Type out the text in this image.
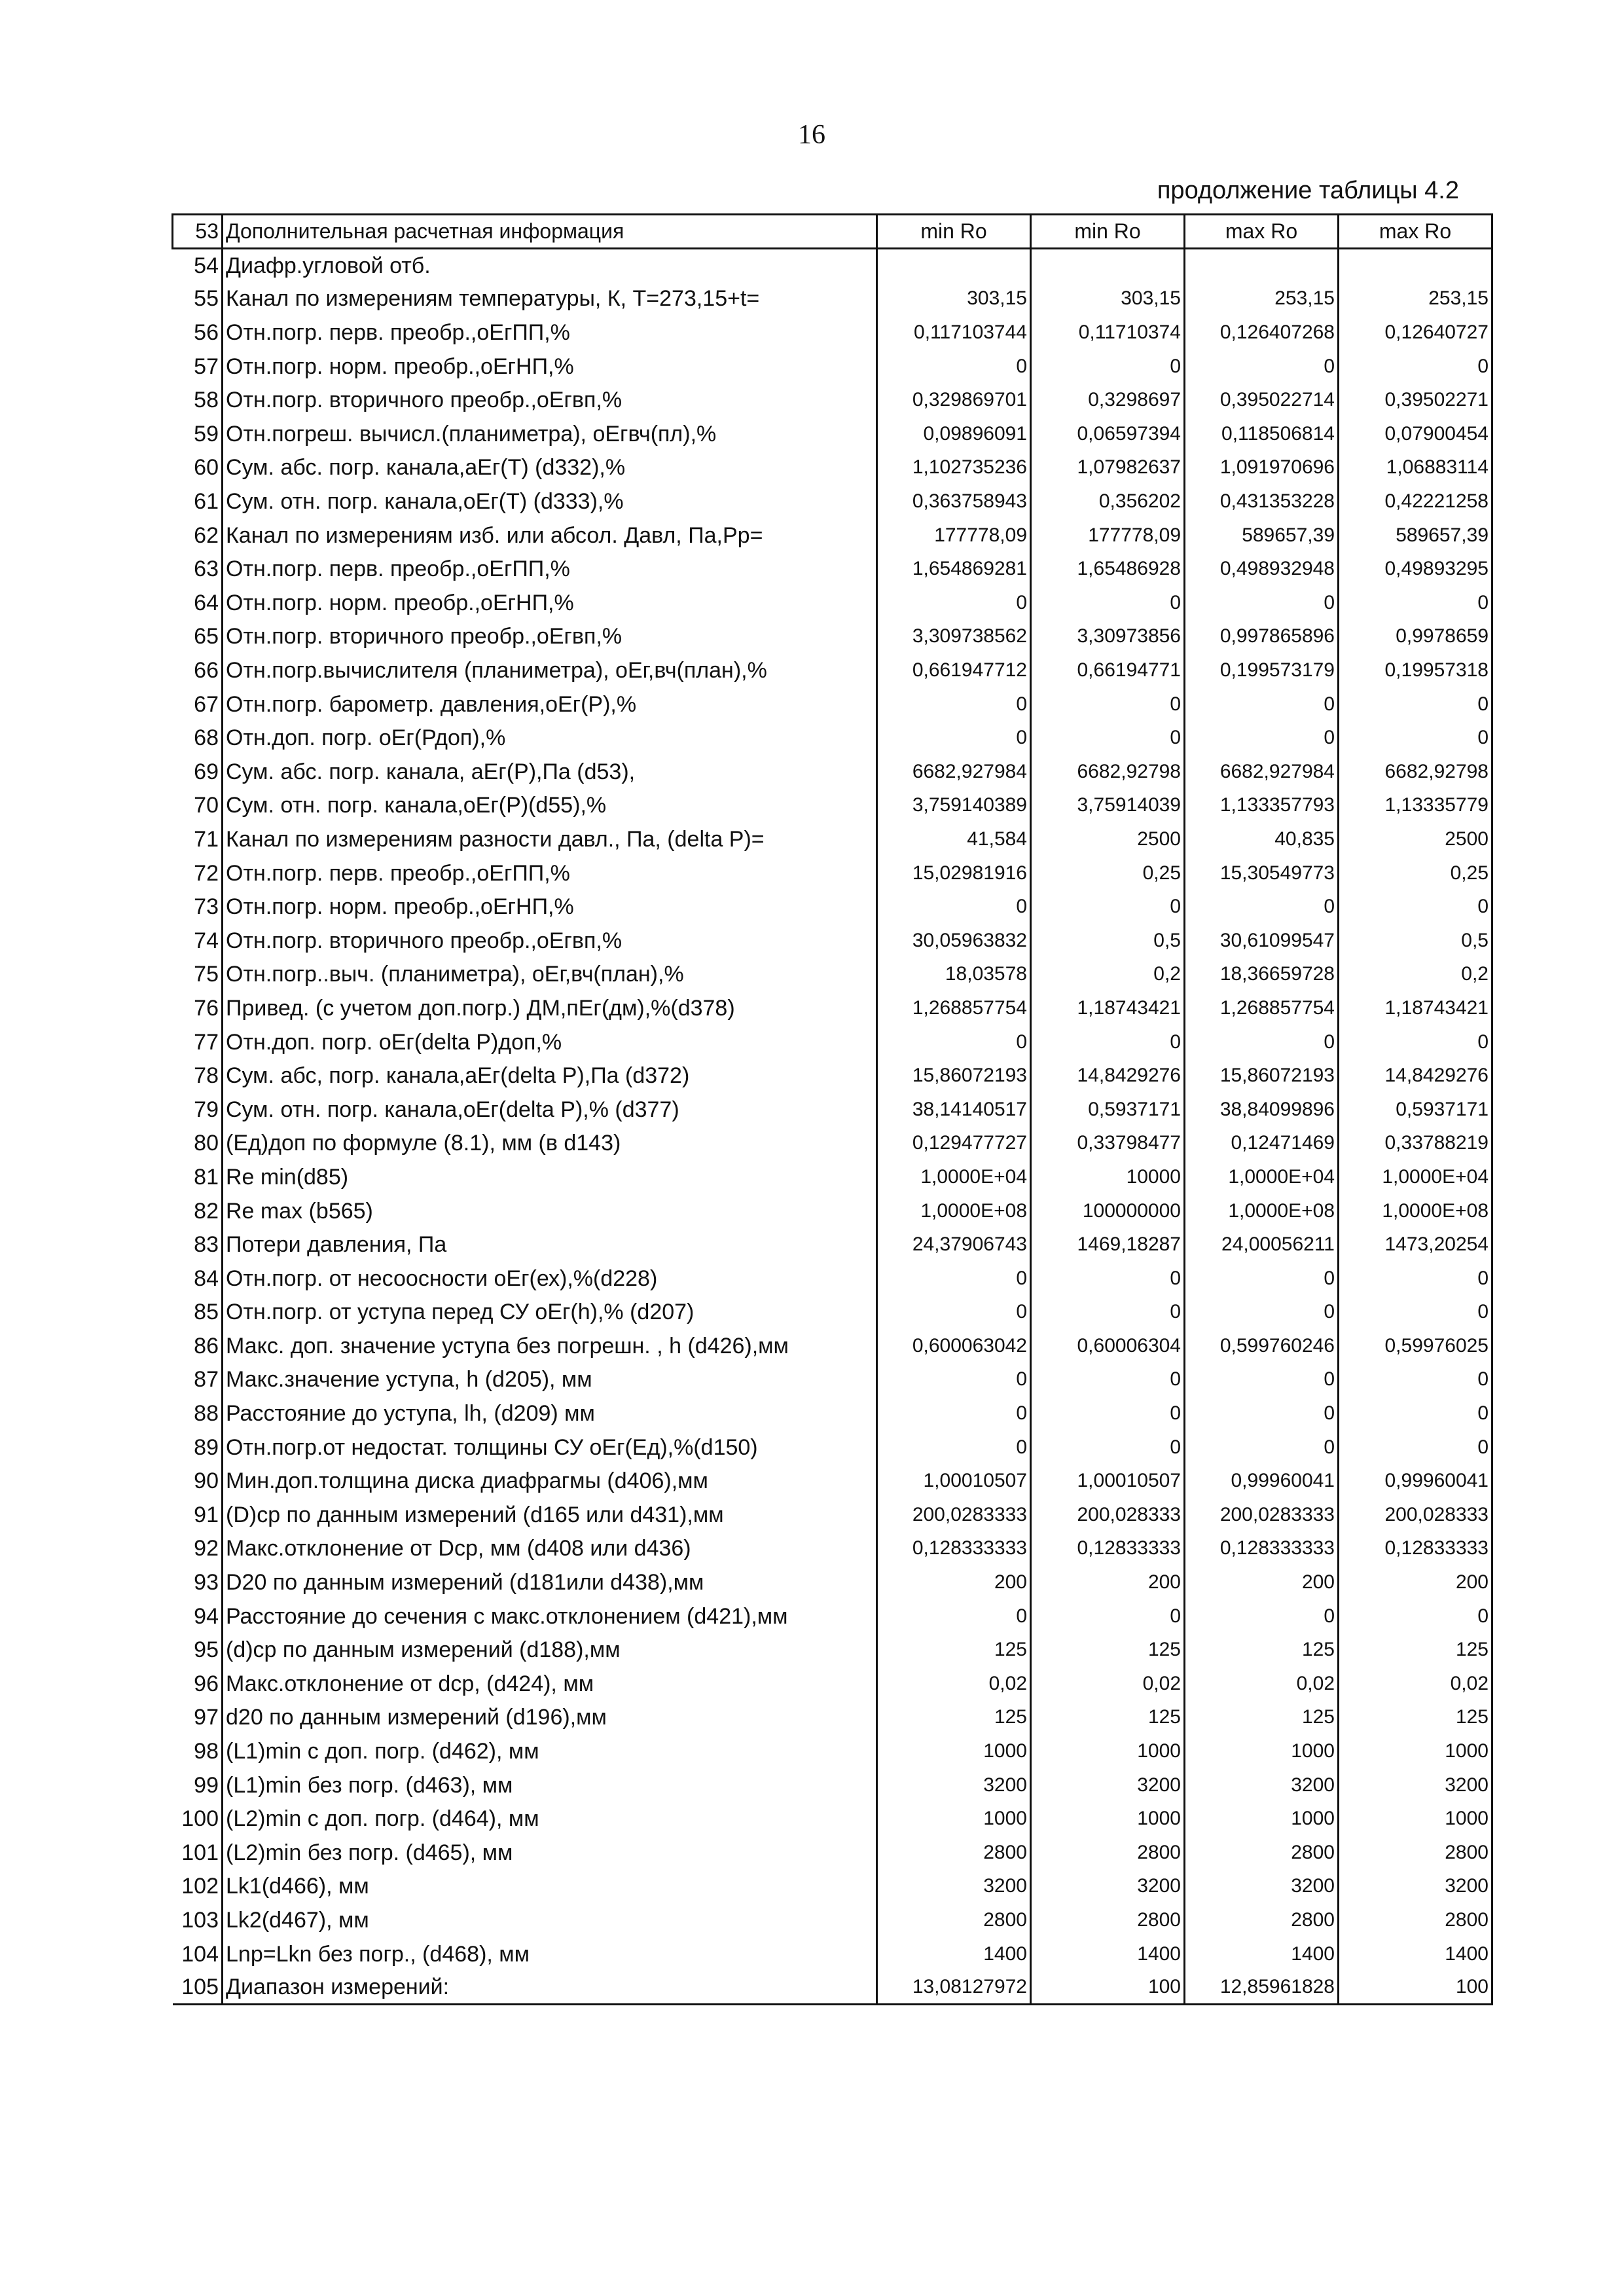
16
продолжение таблицы 4.2
53	Дополнительная расчетная информация	min Ro	min Ro	max Ro	max Ro
54	Диафр.угловой отб.				
55	Канал по измерениям температуры, К, Т=273,15+t=	303,15	303,15	253,15	253,15
56	Отн.погр. перв. преобр.,оЕгПП,%	0,117103744	0,11710374	0,126407268	0,12640727
57	Отн.погр. норм. преобр.,оЕгНП,%	0	0	0	0
58	Отн.погр. вторичного преобр.,оЕгвп,%	0,329869701	0,3298697	0,395022714	0,39502271
59	Отн.погреш. вычисл.(планиметра), оЕгвч(пл),%	0,09896091	0,06597394	0,118506814	0,07900454
60	Сум. абс. погр. канала,аЕг(Т) (d332),%	1,102735236	1,07982637	1,091970696	1,06883114
61	Сум. отн. погр. канала,оЕг(Т) (d333),%	0,363758943	0,356202	0,431353228	0,42221258
62	Канал по измерениям изб. или абсол. Давл, Па,Рр=	177778,09	177778,09	589657,39	589657,39
63	Отн.погр. перв. преобр.,оЕгПП,%	1,654869281	1,65486928	0,498932948	0,49893295
64	Отн.погр. норм. преобр.,оЕгНП,%	0	0	0	0
65	Отн.погр. вторичного преобр.,оЕгвп,%	3,309738562	3,30973856	0,997865896	0,9978659
66	Отн.погр.вычислителя (планиметра), оЕг,вч(план),%	0,661947712	0,66194771	0,199573179	0,19957318
67	Отн.погр. барометр. давления,оЕг(Р),%	0	0	0	0
68	Отн.доп. погр. оЕг(Рдоп),%	0	0	0	0
69	Сум. абс. погр. канала, аЕг(Р),Па (d53),	6682,927984	6682,92798	6682,927984	6682,92798
70	Сум. отн. погр. канала,оЕг(Р)(d55),%	3,759140389	3,75914039	1,133357793	1,13335779
71	Канал по измерениям разности давл., Па, (delta P)=	41,584	2500	40,835	2500
72	Отн.погр. перв. преобр.,оЕгПП,%	15,02981916	0,25	15,30549773	0,25
73	Отн.погр. норм. преобр.,оЕгНП,%	0	0	0	0
74	Отн.погр. вторичного преобр.,оЕгвп,%	30,05963832	0,5	30,61099547	0,5
75	Отн.погр..выч. (планиметра), оЕг,вч(план),%	18,03578	0,2	18,36659728	0,2
76	Привед. (с учетом доп.погр.) ДМ,пЕг(дм),%(d378)	1,268857754	1,18743421	1,268857754	1,18743421
77	Отн.доп. погр. оЕг(delta P)доп,%	0	0	0	0
78	Сум. абс, погр. канала,аЕг(delta P),Па (d372)	15,86072193	14,8429276	15,86072193	14,8429276
79	Сум. отн. погр. канала,оЕг(delta P),% (d377)	38,14140517	0,5937171	38,84099896	0,5937171
80	(Ед)доп по формуле (8.1), мм (в d143)	0,129477727	0,33798477	0,12471469	0,33788219
81	Re min(d85)	1,0000E+04	10000	1,0000E+04	1,0000E+04
82	Re max (b565)	1,0000E+08	100000000	1,0000E+08	1,0000E+08
83	Потери давления, Па	24,37906743	1469,18287	24,00056211	1473,20254
84	Отн.погр. от несоосности оЕг(ех),%(d228)	0	0	0	0
85	Отн.погр. от уступа перед СУ оЕг(h),% (d207)	0	0	0	0
86	Макс. доп. значение уступа без погрешн. , h (d426),мм	0,600063042	0,60006304	0,599760246	0,59976025
87	Макс.значение уступа, h (d205), мм	0	0	0	0
88	Расстояние до уступа, lh, (d209) мм	0	0	0	0
89	Отн.погр.от недостат. толщины СУ оЕг(Ед),%(d150)	0	0	0	0
90	Мин.доп.толщина диска диафрагмы (d406),мм	1,00010507	1,00010507	0,99960041	0,99960041
91	(D)ср по данным измерений (d165 или d431),мм	200,0283333	200,028333	200,0283333	200,028333
92	Макс.отклонение от Dср, мм (d408 или d436)	0,128333333	0,12833333	0,128333333	0,12833333
93	D20 по данным измерений (d181или d438),мм	200	200	200	200
94	Расстояние до сечения с макс.отклонением (d421),мм	0	0	0	0
95	(d)ср по данным измерений (d188),мм	125	125	125	125
96	Макс.отклонение от dср, (d424), мм	0,02	0,02	0,02	0,02
97	d20 по данным измерений (d196),мм	125	125	125	125
98	(L1)min с доп. погр. (d462), мм	1000	1000	1000	1000
99	(L1)min без погр. (d463), мм	3200	3200	3200	3200
100	(L2)min с доп. погр. (d464), мм	1000	1000	1000	1000
101	(L2)min без погр. (d465), мм	2800	2800	2800	2800
102	Lk1(d466), мм	3200	3200	3200	3200
103	Lk2(d467), мм	2800	2800	2800	2800
104	Lnp=Lkn без погр., (d468), мм	1400	1400	1400	1400
105	Диапазон измерений:	13,08127972	100	12,85961828	100
